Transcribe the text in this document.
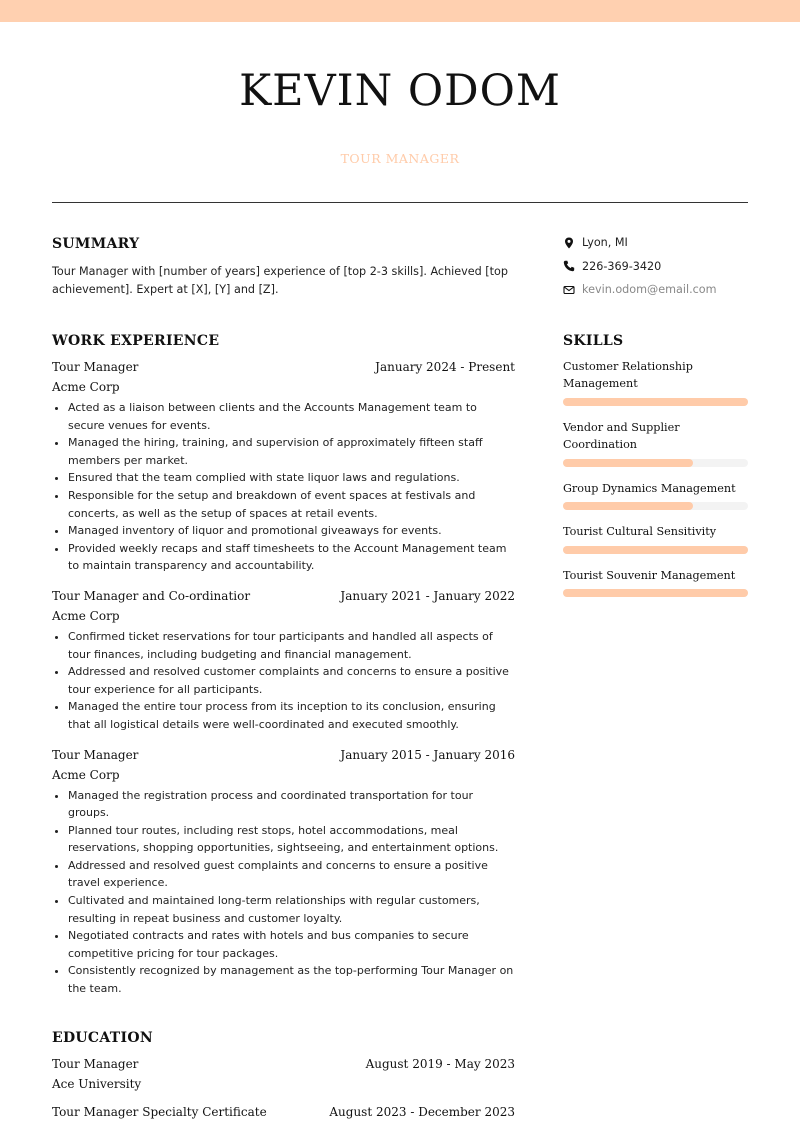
KEVIN ODOM
TOUR MANAGER
SUMMARY
Tour Manager with [number of years] experience of [top 2-3 skills]. Achieved [top achievement]. Expert at [X], [Y] and [Z].
WORK EXPERIENCE
Tour Manager	January 2024 - Present
Acme Corp
• Acted as a liaison between clients and the Accounts Management team to secure venues for events.
• Managed the hiring, training, and supervision of approximately fifteen staff members per market.
• Ensured that the team complied with state liquor laws and regulations.
• Responsible for the setup and breakdown of event spaces at festivals and concerts, as well as the setup of spaces at retail events.
• Managed inventory of liquor and promotional giveaways for events.
• Provided weekly recaps and staff timesheets to the Account Management team to maintain transparency and accountability.
Tour Manager and Co-ordinatior	January 2021 - January 2022
Acme Corp
• Confirmed ticket reservations for tour participants and handled all aspects of tour finances, including budgeting and financial management.
• Addressed and resolved customer complaints and concerns to ensure a positive tour experience for all participants.
• Managed the entire tour process from its inception to its conclusion, ensuring that all logistical details were well-coordinated and executed smoothly.
Tour Manager	January 2015 - January 2016
Acme Corp
• Managed the registration process and coordinated transportation for tour groups.
• Planned tour routes, including rest stops, hotel accommodations, meal reservations, shopping opportunities, sightseeing, and entertainment options.
• Addressed and resolved guest complaints and concerns to ensure a positive travel experience.
• Cultivated and maintained long-term relationships with regular customers, resulting in repeat business and customer loyalty.
• Negotiated contracts and rates with hotels and bus companies to secure competitive pricing for tour packages.
• Consistently recognized by management as the top-performing Tour Manager on the team.
EDUCATION
Tour Manager	August 2019 - May 2023
Ace University
Tour Manager Specialty Certificate	August 2023 - December 2023
Lyon, MI
226-369-3420
kevin.odom@email.com
SKILLS
Customer Relationship Management
Vendor and Supplier Coordination
Group Dynamics Management
Tourist Cultural Sensitivity
Tourist Souvenir Management
